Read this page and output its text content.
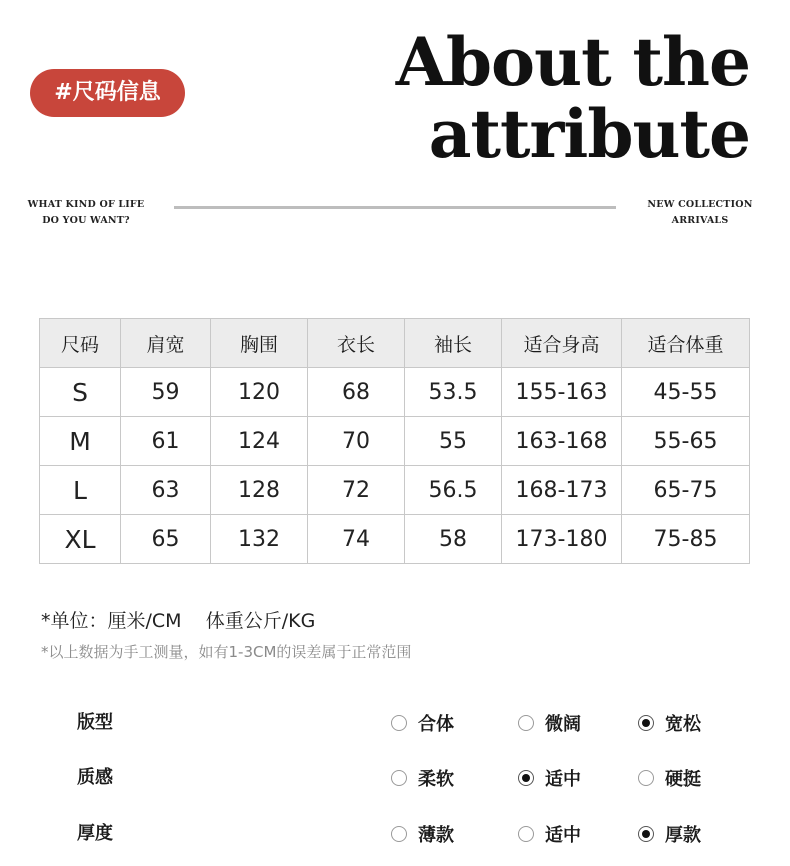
#尺码信息	About the
attribute
WHAT KIND OF LIFE
DO YOU WANT?
NEW COLLECTION
ARRIVALS
尺码	肩宽	胸围	衣长	袖长	适合身高	适合体重
S	59	120	68	53.5	155-163	45-55
M	61	124	70	55	163-168	55-65
L	63	128	72	56.5	168-173	65-75
XL	65	132	74	58	173-180	75-85
*单位：厘米/CM    体重公斤/KG
*以上数据为手工测量，如有1-3CM的误差属于正常范围
版型	合体	微阔	宽松
质感	柔软	适中	硬挺
厚度	薄款	适中	厚款
